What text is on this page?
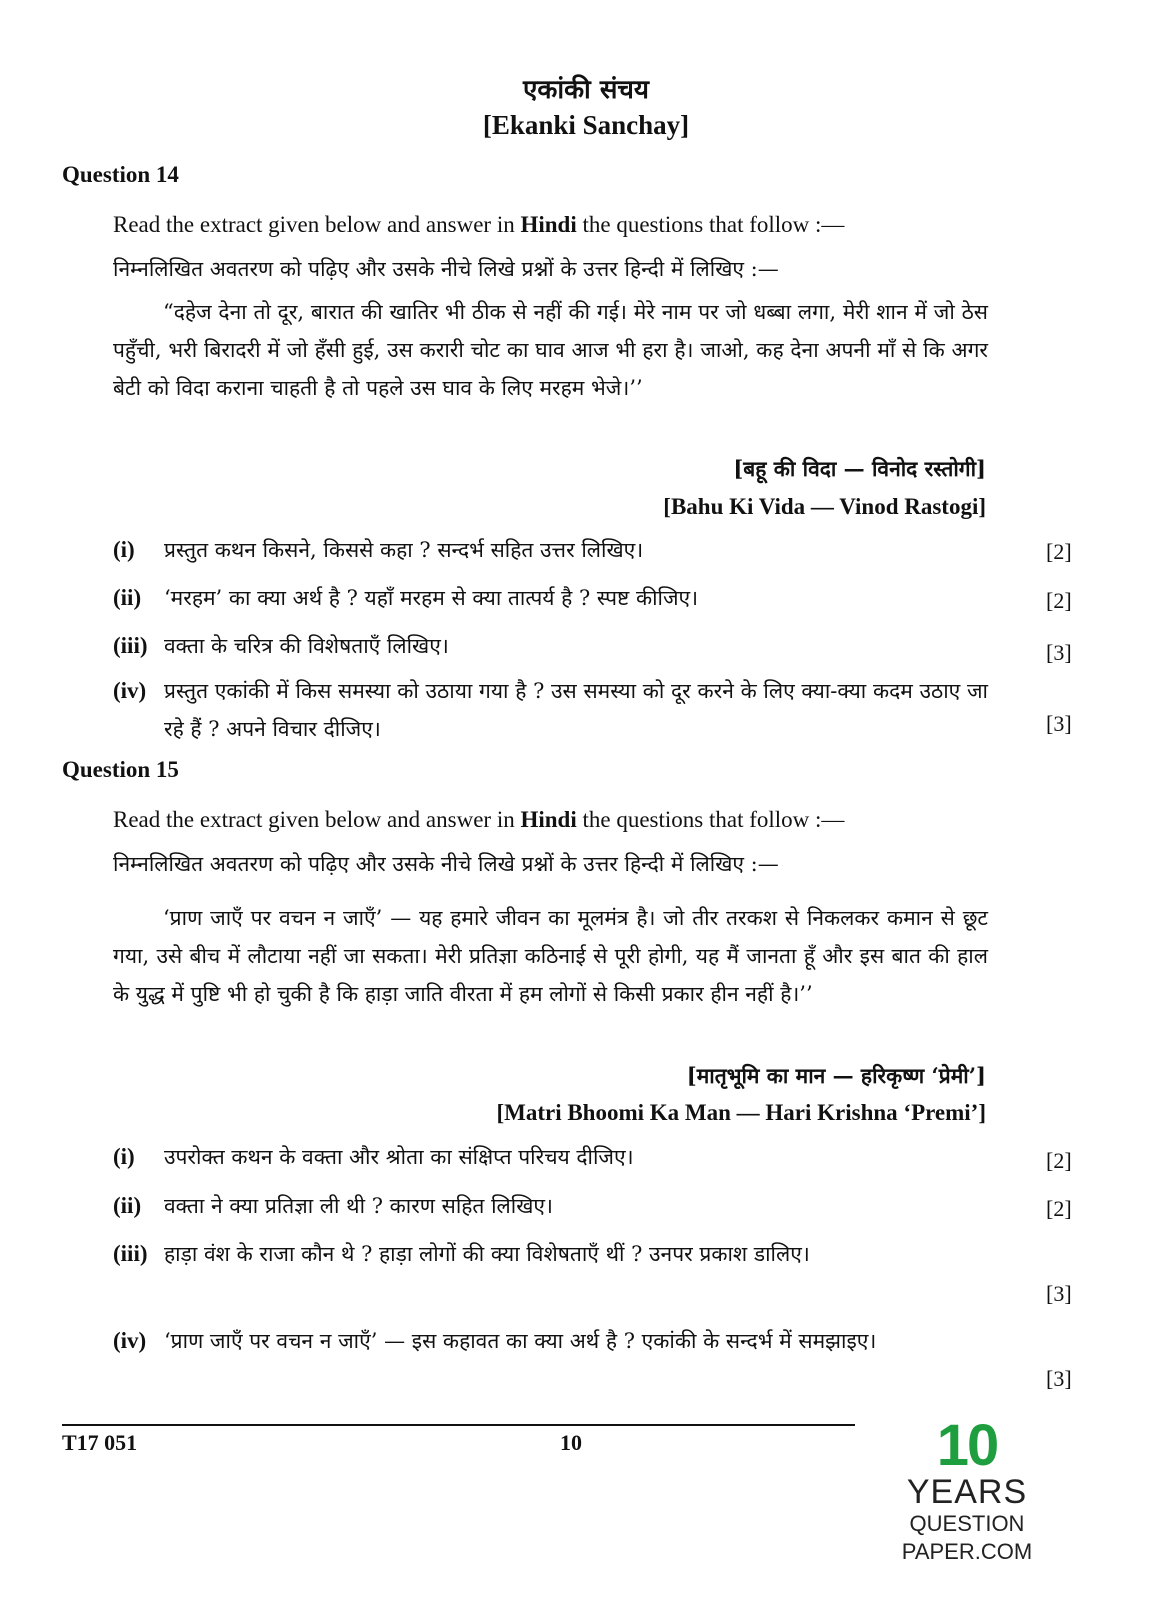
एकांकी संचय
[Ekanki Sanchay]
Question 14
Read the extract given below and answer in Hindi the questions that follow :—
निम्नलिखित अवतरण को पढ़िए और उसके नीचे लिखे प्रश्नों के उत्तर हिन्दी में लिखिए :—
“दहेज देना तो दूर, बारात की खातिर भी ठीक से नहीं की गई। मेरे नाम पर जो धब्बा लगा, मेरी शान में जो ठेस पहुँची, भरी बिरादरी में जो हँसी हुई, उस करारी चोट का घाव आज भी हरा है। जाओ, कह देना अपनी माँ से कि अगर बेटी को विदा कराना चाहती है तो पहले उस घाव के लिए मरहम भेजे।’’
[बहू की विदा — विनोद रस्तोगी]
[Bahu Ki Vida — Vinod Rastogi]
(i) प्रस्तुत कथन किसने, किससे कहा ? सन्दर्भ सहित उत्तर लिखिए।	[2]
(ii) ‘मरहम’ का क्या अर्थ है ? यहाँ मरहम से क्या तात्पर्य है ? स्पष्ट कीजिए।	[2]
(iii) वक्ता के चरित्र की विशेषताएँ लिखिए।	[3]
(iv) प्रस्तुत एकांकी में किस समस्या को उठाया गया है ? उस समस्या को दूर करने के लिए क्या-क्या कदम उठाए जा रहे हैं ? अपने विचार दीजिए।	[3]
Question 15
Read the extract given below and answer in Hindi the questions that follow :—
निम्नलिखित अवतरण को पढ़िए और उसके नीचे लिखे प्रश्नों के उत्तर हिन्दी में लिखिए :—
‘प्राण जाएँ पर वचन न जाएँ’ — यह हमारे जीवन का मूलमंत्र है। जो तीर तरकश से निकलकर कमान से छूट गया, उसे बीच में लौटाया नहीं जा सकता। मेरी प्रतिज्ञा कठिनाई से पूरी होगी, यह मैं जानता हूँ और इस बात की हाल के युद्ध में पुष्टि भी हो चुकी है कि हाड़ा जाति वीरता में हम लोगों से किसी प्रकार हीन नहीं है।’’
[मातृभूमि का मान — हरिकृष्ण ‘प्रेमी’]
[Matri Bhoomi Ka Man — Hari Krishna ‘Premi’]
(i) उपरोक्त कथन के वक्ता और श्रोता का संक्षिप्त परिचय दीजिए।	[2]
(ii) वक्ता ने क्या प्रतिज्ञा ली थी ? कारण सहित लिखिए।	[2]
(iii) हाड़ा वंश के राजा कौन थे ? हाड़ा लोगों की क्या विशेषताएँ थीं ? उनपर प्रकाश डालिए।
[3]
(iv) ‘प्राण जाएँ पर वचन न जाएँ’ — इस कहावत का क्या अर्थ है ? एकांकी के सन्दर्भ में समझाइए।
[3]
T17 051	10	10
YEARS
QUESTION PAPER.COM
